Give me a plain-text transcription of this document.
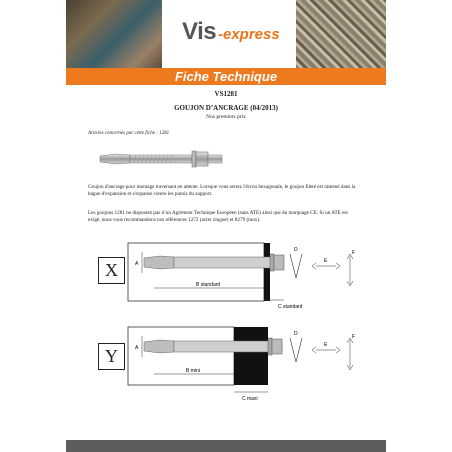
Vis -express
Fiche Technique
VS1281
GOUJON D’ANCRAGE (04/2013)
Nos premiers prix
Articles concernés par cette fiche : 1281
Goujon d'ancrage pour montage traversant en attente. Lorsque vous serrez l'écrou hexagonale, le goujon fileté est ramené dans la bague d'expansion et s'expanse contre les parois du support.
Les goujons 1281 ne disposent pas d’un Agrément Technique Européen (sans ATE) ainsi que du marquage CE. Si un ATE est exigé, nous vous recommandons nos références 1272 (acier zingué) et 8279 (inox).
X	A
B standard
C standard
D
E
F
Y	A
B mini
C maxi
D
E
F
